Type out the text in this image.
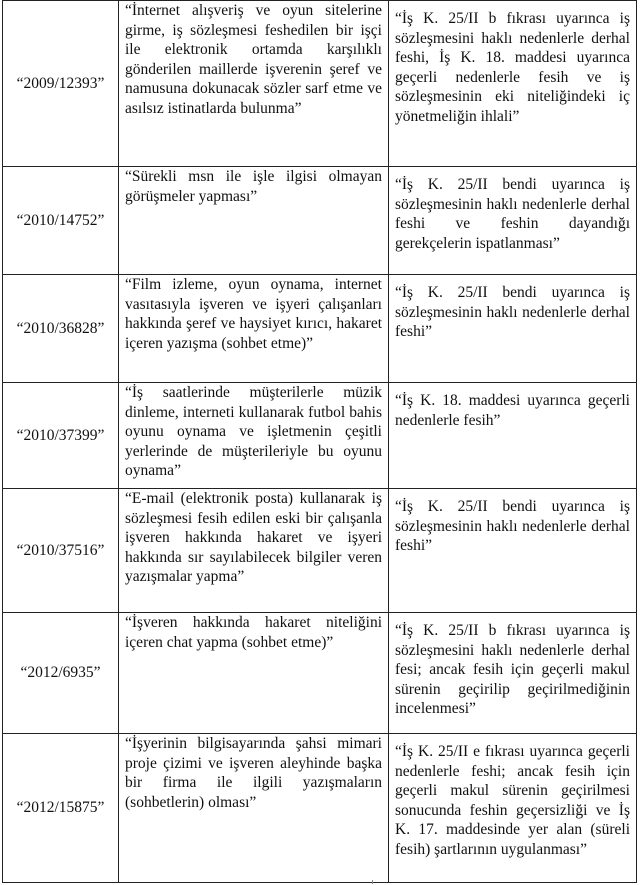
“2009/12393”	“İnternet alışveriş ve oyun sitelerine girme, iş sözleşmesi feshedilen bir işçi ile elektronik ortamda karşılıklı gönderilen maillerde işverenin şeref ve namusuna dokunacak sözler sarf etme ve asılsız istinatlarda bulunma”	“İş K. 25/II b fıkrası uyarınca iş sözleşmesini haklı nedenlerle derhal feshi, İş K. 18. maddesi uyarınca geçerli nedenlerle fesih ve iş sözleşmesinin eki niteliğindeki iç yönetmeliğin ihlali”
“2010/14752”	“Sürekli msn ile işle ilgisi olmayan görüşmeler yapması”	“İş K. 25/II bendi uyarınca iş sözleşmesinin haklı nedenlerle derhal feshi ve feshin dayandığı gerekçelerin ispatlanması”
“2010/36828”	“Film izleme, oyun oynama, internet vasıtasıyla işveren ve işyeri çalışanları hakkında şeref ve haysiyet kırıcı, hakaret içeren yazışma (sohbet etme)”	“İş K. 25/II bendi uyarınca iş sözleşmesinin haklı nedenlerle derhal feshi”
“2010/37399”	“İş saatlerinde müşterilerle müzik dinleme, interneti kullanarak futbol bahis oyunu oynama ve işletmenin çeşitli yerlerinde de müşterileriyle bu oyunu oynama”	“İş K. 18. maddesi uyarınca geçerli nedenlerle fesih”
“2010/37516”	“E-mail (elektronik posta) kullanarak iş sözleşmesi fesih edilen eski bir çalışanla işveren hakkında hakaret ve işyeri hakkında sır sayılabilecek bilgiler veren yazışmalar yapma”	“İş K. 25/II bendi uyarınca iş sözleşmesinin haklı nedenlerle derhal feshi”
“2012/6935”	“İşveren hakkında hakaret niteliğini içeren chat yapma (sohbet etme)”	“İş K. 25/II b fıkrası uyarınca iş sözleşmesini haklı nedenlerle derhal fesi; ancak fesih için geçerli makul sürenin geçirilip geçirilmediğinin incelenmesi”
“2012/15875”	“İşyerinin bilgisayarında şahsi mimari proje çizimi ve işveren aleyhinde başka bir firma ile ilgili yazışmaların (sohbetlerin) olması”	“İş K. 25/II e fıkrası uyarınca geçerli nedenlerle feshi; ancak fesih için geçerli makul sürenin geçirilmesi sonucunda feshin geçersizliği ve İş K. 17. maddesinde yer alan (süreli fesih) şartlarının uygulanması”
